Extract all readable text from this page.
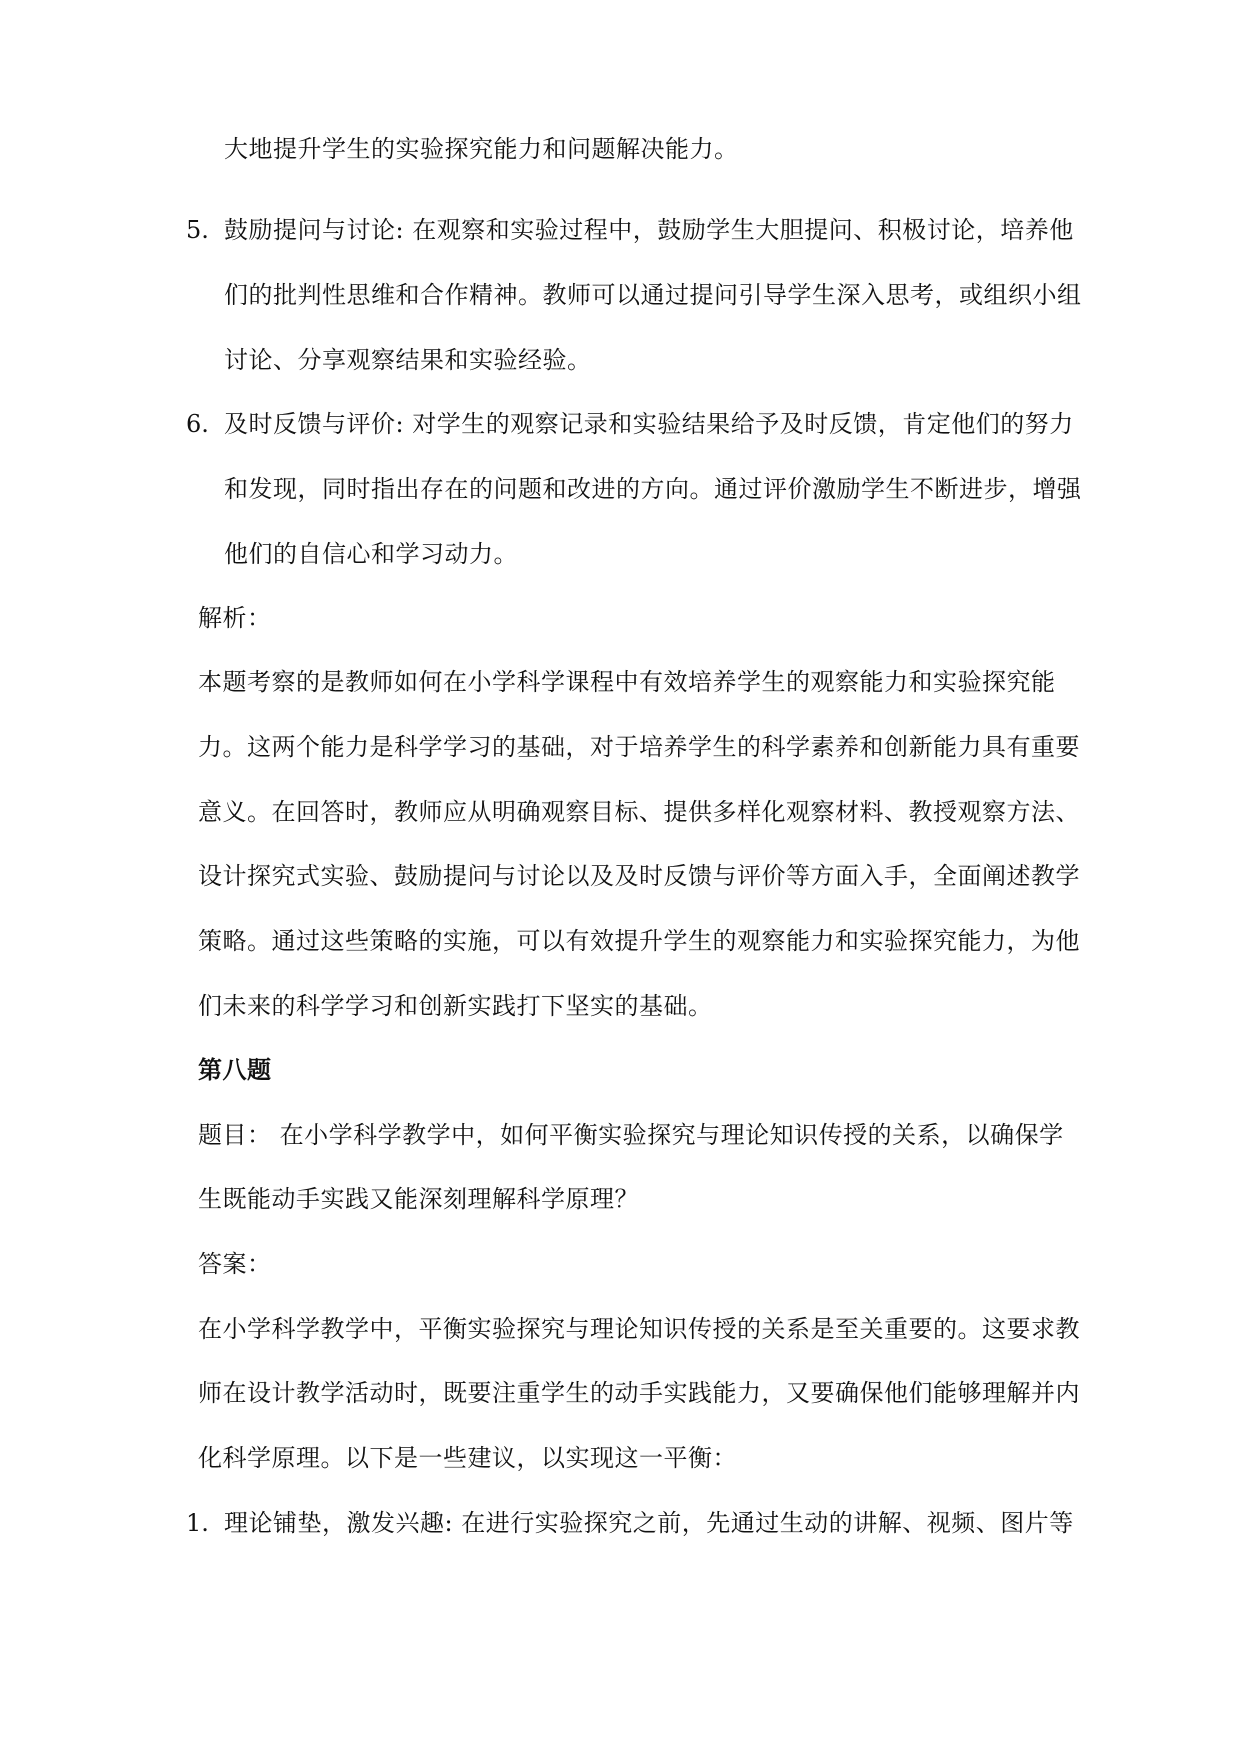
大地提升学生的实验探究能力和问题解决能力。
5. 鼓励提问与讨论: 在观察和实验过程中，鼓励学生大胆提问、积极讨论，培养他
们的批判性思维和合作精神。教师可以通过提问引导学生深入思考，或组织小组
讨论、分享观察结果和实验经验。
6. 及时反馈与评价: 对学生的观察记录和实验结果给予及时反馈，肯定他们的努力
和发现，同时指出存在的问题和改进的方向。通过评价激励学生不断进步，增强
他们的自信心和学习动力。
解析：
本题考察的是教师如何在小学科学课程中有效培养学生的观察能力和实验探究能
力。这两个能力是科学学习的基础，对于培养学生的科学素养和创新能力具有重要
意义。在回答时，教师应从明确观察目标、提供多样化观察材料、教授观察方法、
设计探究式实验、鼓励提问与讨论以及及时反馈与评价等方面入手，全面阐述教学
策略。通过这些策略的实施，可以有效提升学生的观察能力和实验探究能力，为他
们未来的科学学习和创新实践打下坚实的基础。
第八题
题目： 在小学科学教学中，如何平衡实验探究与理论知识传授的关系，以确保学
生既能动手实践又能深刻理解科学原理？
答案：
在小学科学教学中，平衡实验探究与理论知识传授的关系是至关重要的。这要求教
师在设计教学活动时，既要注重学生的动手实践能力，又要确保他们能够理解并内
化科学原理。以下是一些建议，以实现这一平衡：
1. 理论铺垫，激发兴趣: 在进行实验探究之前，先通过生动的讲解、视频、图片等
